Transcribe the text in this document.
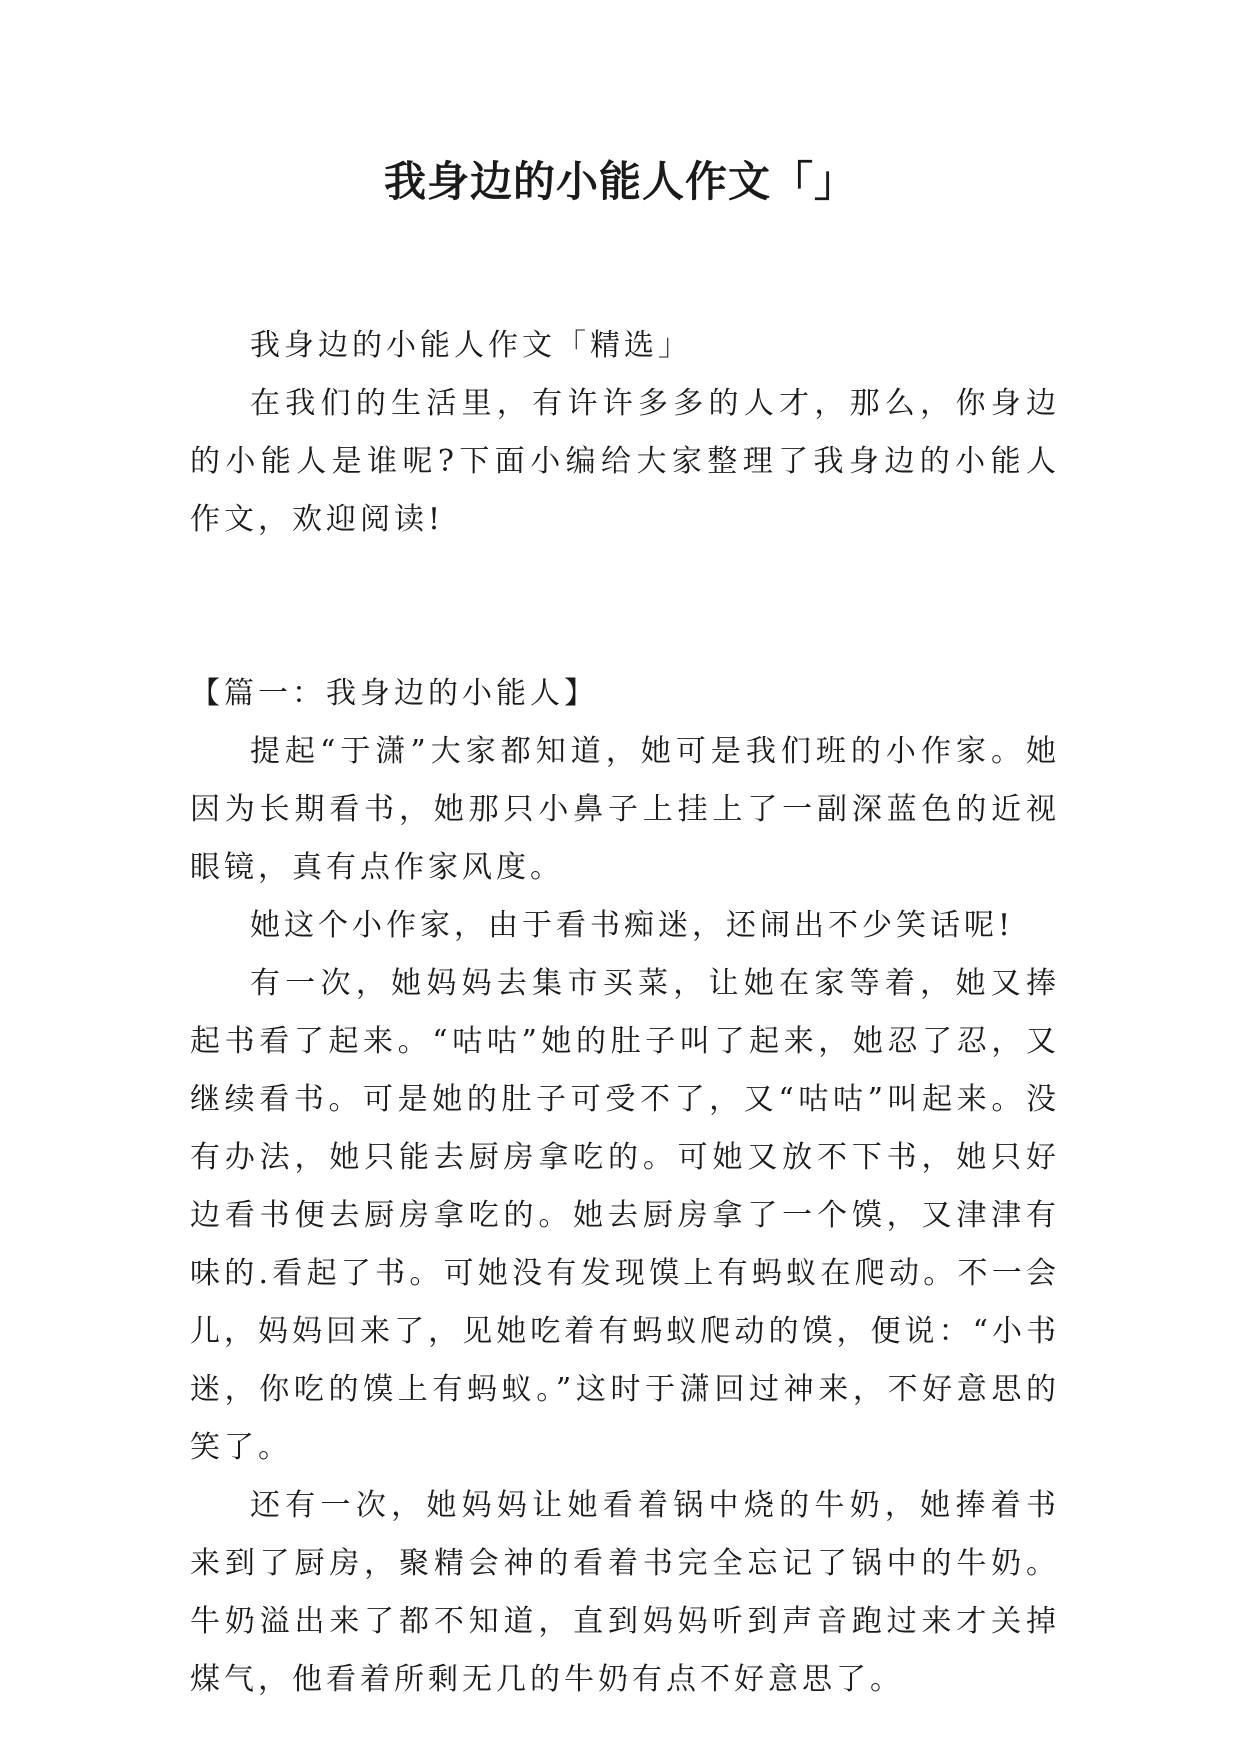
我身边的小能人作文「」

我身边的小能人作文「精选」

在我们的生活里，有许许多多的人才，那么，你身边的小能人是谁呢?下面小编给大家整理了我身边的小能人作文，欢迎阅读!

【篇一：我身边的小能人】

提起“于潇”大家都知道，她可是我们班的小作家。她因为长期看书，她那只小鼻子上挂上了一副深蓝色的近视眼镜，真有点作家风度。

她这个小作家，由于看书痴迷，还闹出不少笑话呢!

有一次，她妈妈去集市买菜，让她在家等着，她又捧起书看了起来。“咕咕”她的肚子叫了起来，她忍了忍，又继续看书。可是她的肚子可受不了，又“咕咕”叫起来。没有办法，她只能去厨房拿吃的。可她又放不下书，她只好边看书便去厨房拿吃的。她去厨房拿了一个馍，又津津有味的.看起了书。可她没有发现馍上有蚂蚁在爬动。不一会儿，妈妈回来了，见她吃着有蚂蚁爬动的馍，便说：“小书迷，你吃的馍上有蚂蚁。”这时于潇回过神来，不好意思的笑了。

还有一次，她妈妈让她看着锅中烧的牛奶，她捧着书来到了厨房，聚精会神的看着书完全忘记了锅中的牛奶。牛奶溢出来了都不知道，直到妈妈听到声音跑过来才关掉煤气，他看着所剩无几的牛奶有点不好意思了。
